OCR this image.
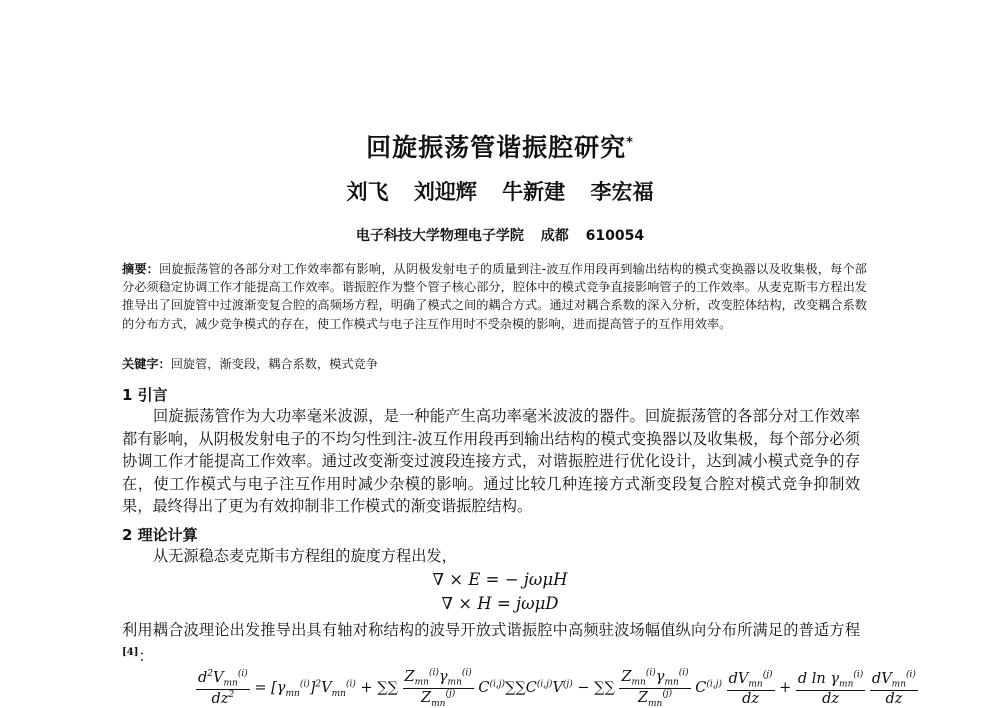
回旋振荡管谐振腔研究*
刘飞 刘迎辉 牛新建 李宏福
电子科技大学物理电子学院 成都 610054
摘要：回旋振荡管的各部分对工作效率都有影响，从阴极发射电子的质量到注-波互作用段再到输出结构的模式变换器以及收集极，每个部分必须稳定协调工作才能提高工作效率。谐振腔作为整个管子核心部分，腔体中的模式竞争直接影响管子的工作效率。从麦克斯韦方程出发推导出了回旋管中过渡渐变复合腔的高频场方程，明确了模式之间的耦合方式。通过对耦合系数的深入分析，改变腔体结构，改变耦合系数的分布方式，减少竞争模式的存在，使工作模式与电子注互作用时不受杂模的影响，进而提高管子的互作用效率。
关键字：回旋管，渐变段，耦合系数，模式竞争
1 引言
回旋振荡管作为大功率毫米波源，是一种能产生高功率毫米波波的器件。回旋振荡管的各部分对工作效率都有影响，从阴极发射电子的不均匀性到注-波互作用段再到输出结构的模式变换器以及收集极，每个部分必须协调工作才能提高工作效率。通过改变渐变过渡段连接方式，对谐振腔进行优化设计，达到减小模式竞争的存在，使工作模式与电子注互作用时减少杂模的影响。通过比较几种连接方式渐变段复合腔对模式竞争抑制效果，最终得出了更为有效抑制非工作模式的渐变谐振腔结构。
2 理论计算
从无源稳态麦克斯韦方程组的旋度方程出发，
∇ × E = − jωμH
∇ × H = jωμD
利用耦合波理论出发推导出具有轴对称结构的波导开放式谐振腔中高频驻波场幅值纵向分布所满足的普适方程[4]：
$\frac{d^2V_{mn}^{(i)}}{dz^2} = [\gamma_{mn}^{(i)}]^2V_{mn}^{(i)}$ + ∑∑ $\frac{Z_{mn}^{(i)}\gamma_{mn}^{(i)}}{Z_{mn}^{(j)}} C^{(i,j)}\sum\sum C^{(i,j)}V^{(j)}$ − ∑∑ $\frac{Z_{mn}^{(i)}\gamma_{mn}^{(i)}}{Z_{mn}^{(j)}} C^{(i,j)} \frac{dV_{mn}^{(j)}}{dz} + \frac{d \ln \gamma_{mn}^{(i)}}{dz} \frac{dV_{mn}^{(i)}}{dz}$
